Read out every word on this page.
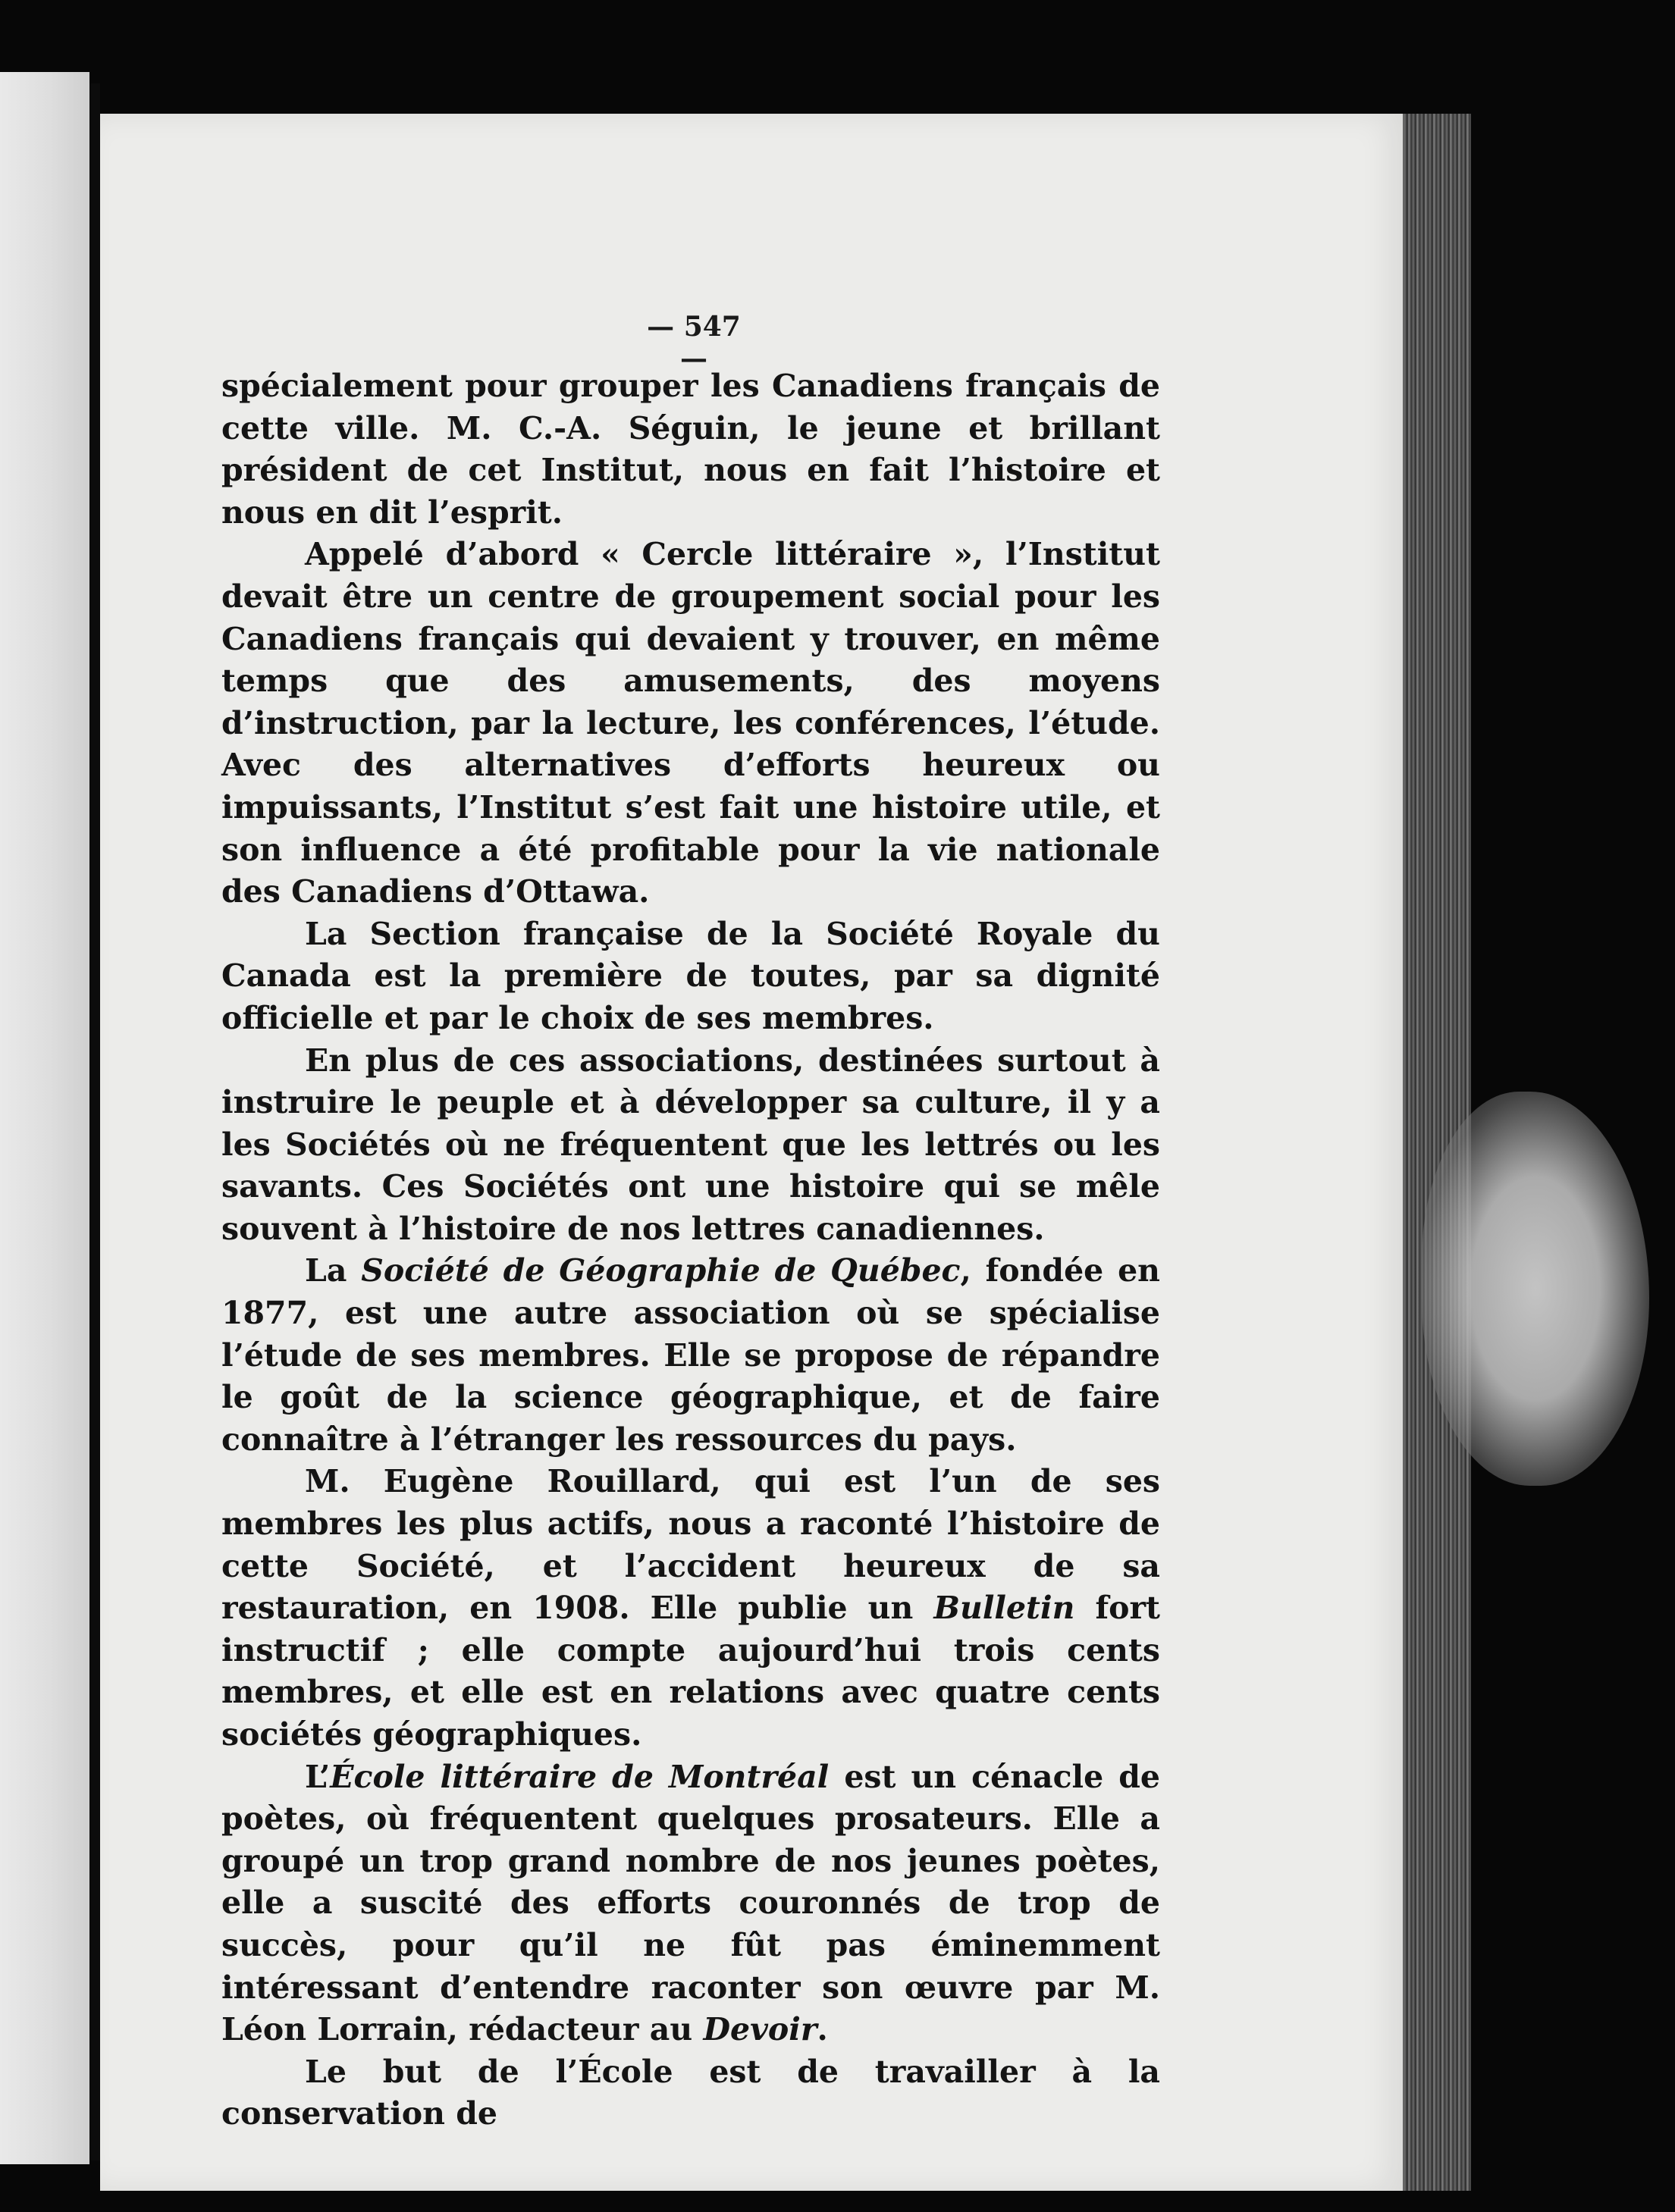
— 547 —

spécialement pour grouper les Canadiens français de cette ville. M. C.-A. Séguin, le jeune et brillant président de cet Institut, nous en fait l’histoire et nous en dit l’esprit.

Appelé d’abord « Cercle littéraire », l’Institut devait être un centre de groupement social pour les Canadiens français qui devaient y trouver, en même temps que des amusements, des moyens d’instruction, par la lecture, les conférences, l’étude. Avec des alternatives d’efforts heureux ou impuissants, l’Institut s’est fait une histoire utile, et son influence a été profitable pour la vie nationale des Canadiens d’Ottawa.

La Section française de la Société Royale du Canada est la première de toutes, par sa dignité officielle et par le choix de ses membres.

En plus de ces associations, destinées surtout à instruire le peuple et à développer sa culture, il y a les Sociétés où ne fréquentent que les lettrés ou les savants. Ces Sociétés ont une histoire qui se mêle souvent à l’histoire de nos lettres canadiennes.

La Société de Géographie de Québec, fondée en 1877, est une autre association où se spécialise l’étude de ses membres. Elle se propose de répandre le goût de la science géographique, et de faire connaître à l’étranger les ressources du pays.

M. Eugène Rouillard, qui est l’un de ses membres les plus actifs, nous a raconté l’histoire de cette Société, et l’accident heureux de sa restauration, en 1908. Elle publie un Bulletin fort instructif ; elle compte aujourd’hui trois cents membres, et elle est en relations avec quatre cents sociétés géographiques.

L’École littéraire de Montréal est un cénacle de poètes, où fréquentent quelques prosateurs. Elle a groupé un trop grand nombre de nos jeunes poètes, elle a suscité des efforts couronnés de trop de succès, pour qu’il ne fût pas éminemment intéressant d’entendre raconter son œuvre par M. Léon Lorrain, rédacteur au Devoir.

Le but de l’École est de travailler à la conservation de
